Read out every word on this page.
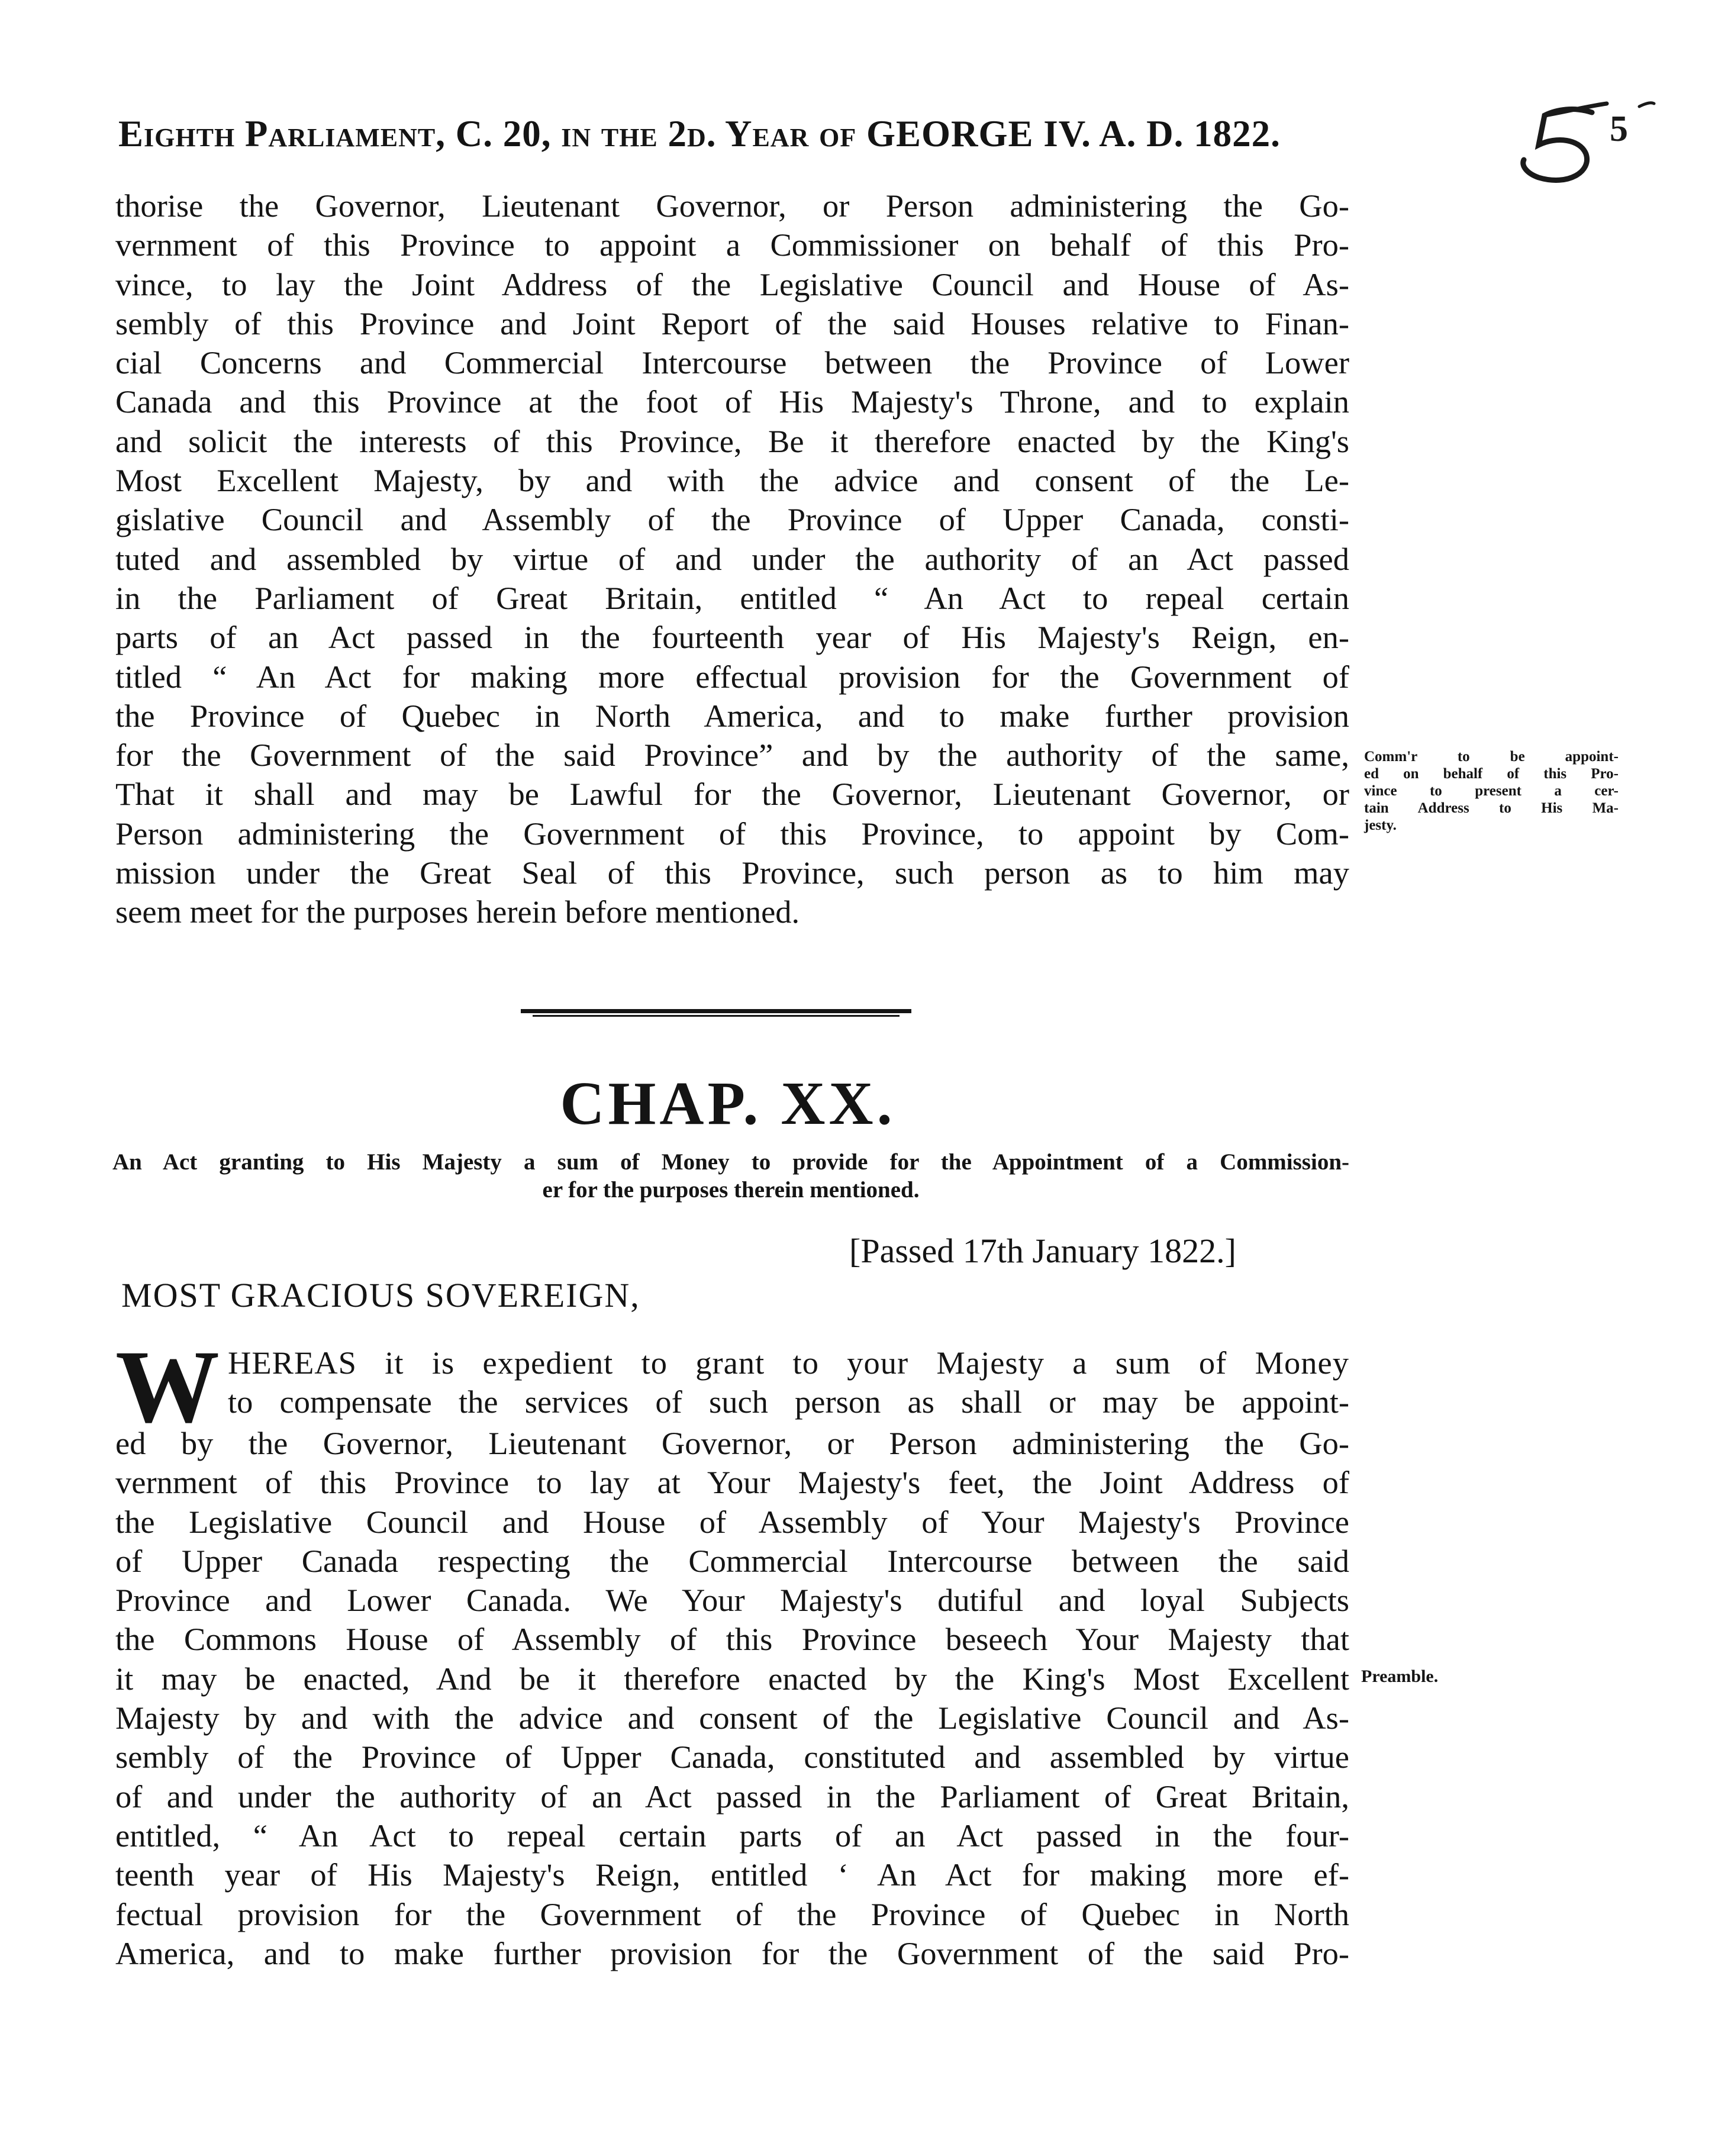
Eighth Parliament, C. 20, in the 2d. Year of GEORGE IV. A. D. 1822.	5
thorise the Governor, Lieutenant Governor, or Person administering the Go-
vernment of this Province to appoint a Commissioner on behalf of this Pro-
vince, to lay the Joint Address of the Legislative Council and House of As-
sembly of this Province and Joint Report of the said Houses relative to Finan-
cial Concerns and Commercial Intercourse between the Province of Lower
Canada and this Province at the foot of His Majesty's Throne, and to explain
and solicit the interests of this Province, Be it therefore enacted by the King's
Most Excellent Majesty, by and with the advice and consent of the Le-
gislative Council and Assembly of the Province of Upper Canada, consti-
tuted and assembled by virtue of and under the authority of an Act passed
in the Parliament of Great Britain, entitled “ An Act to repeal certain
parts of an Act passed in the fourteenth year of His Majesty's Reign, en-
titled “ An Act for making more effectual provision for the Government of
the Province of Quebec in North America, and to make further provision
for the Government of the said Province” and by the authority of the same,
That it shall and may be Lawful for the Governor, Lieutenant Governor, or
Person administering the Government of this Province, to appoint by Com-
mission under the Great Seal of this Province, such person as to him may
seem meet for the purposes herein before mentioned.
Comm'r to be appoint-
ed on behalf of this Pro-
vince to present a cer-
tain Address to His Ma-
jesty.
CHAP. XX.
An Act granting to His Majesty a sum of Money to provide for the Appointment of a Commission-
er for the purposes therein mentioned.
[Passed 17th January 1822.]
MOST GRACIOUS SOVEREIGN,
W HEREAS it is expedient to grant to your Majesty a sum of Money
to compensate the services of such person as shall or may be appoint-
ed by the Governor, Lieutenant Governor, or Person administering the Go-
vernment of this Province to lay at Your Majesty's feet, the Joint Address of
the Legislative Council and House of Assembly of Your Majesty's Province
of Upper Canada respecting the Commercial Intercourse between the said
Province and Lower Canada. We Your Majesty's dutiful and loyal Subjects
the Commons House of Assembly of this Province beseech Your Majesty that
it may be enacted, And be it therefore enacted by the King's Most Excellent
Majesty by and with the advice and consent of the Legislative Council and As-
sembly of the Province of Upper Canada, constituted and assembled by virtue
of and under the authority of an Act passed in the Parliament of Great Britain,
entitled, “ An Act to repeal certain parts of an Act passed in the four-
teenth year of His Majesty's Reign, entitled ‘ An Act for making more ef-
fectual provision for the Government of the Province of Quebec in North
America, and to make further provision for the Government of the said Pro-
Preamble.
